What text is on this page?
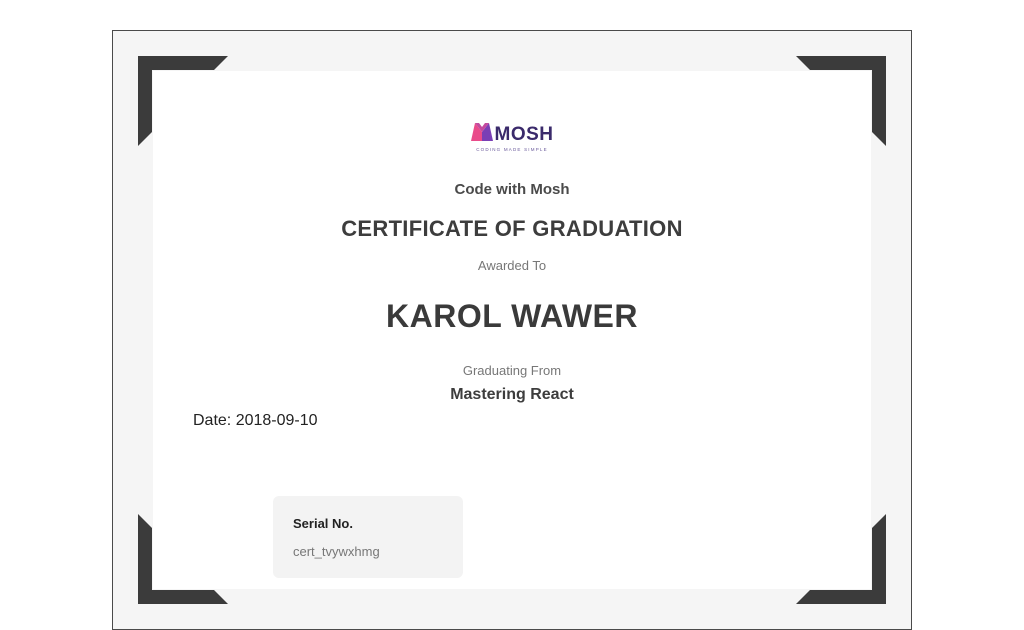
MOSH
CODING MADE SIMPLE
Code with Mosh
CERTIFICATE OF GRADUATION
Awarded To
KAROL WAWER
Graduating From
Mastering React
Date: 2018-09-10
Serial No.
cert_tvywxhmg
